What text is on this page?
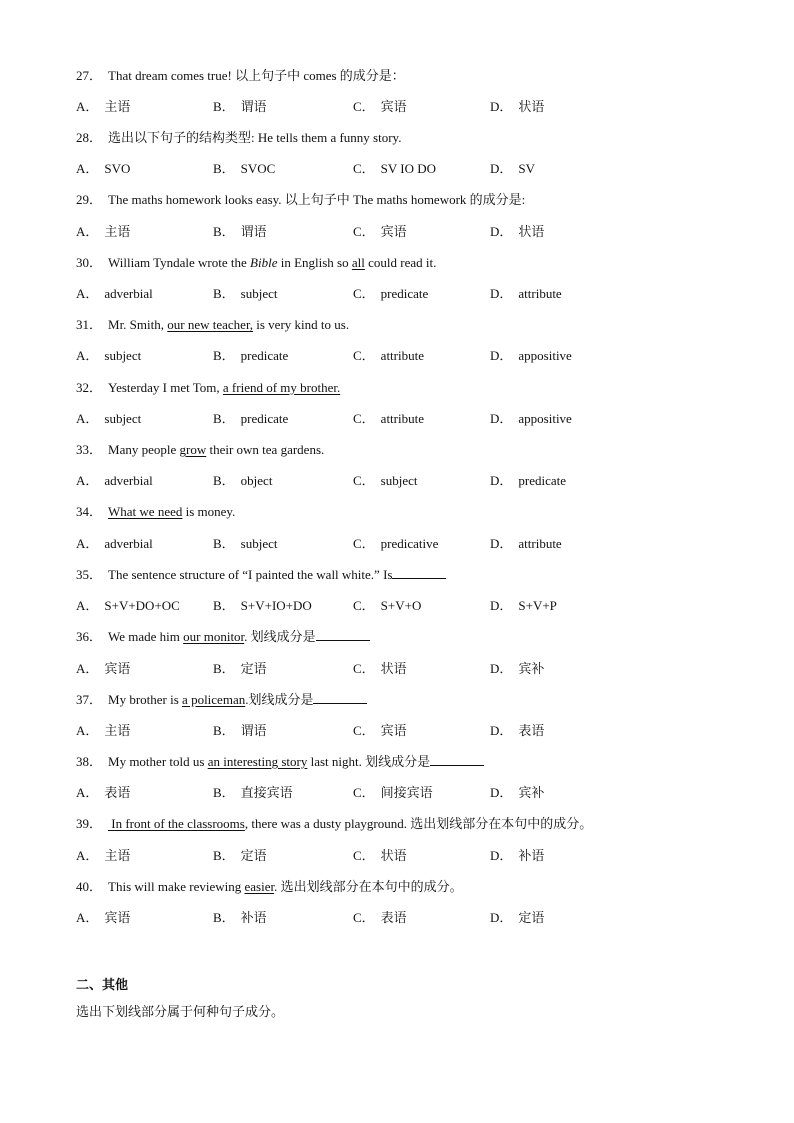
27． That dream comes true! 以上句子中 comes 的成分是：
A． 主语	B． 谓语	C． 宾语	D． 状语
28． 选出以下句子的结构类型: He tells them a funny story.
A． SVO	B． SVOC	C． SV IO DO	D． SV
29． The maths homework looks easy. 以上句子中 The maths homework 的成分是:
A． 主语	B． 谓语	C． 宾语	D． 状语
30． William Tyndale wrote the Bible in English so all could read it.
A． adverbial	B． subject	C． predicate	D． attribute
31． Mr. Smith, our new teacher, is very kind to us.
A． subject	B． predicate	C． attribute	D． appositive
32． Yesterday I met Tom, a friend of my brother.
A． subject	B． predicate	C． attribute	D． appositive
33． Many people grow their own tea gardens.
A． adverbial	B． object	C． subject	D． predicate
34． What we need is money.
A． adverbial	B． subject	C． predicative	D． attribute
35． The sentence structure of “I painted the wall white.” Is
A． S+V+DO+OC	B． S+V+IO+DO	C． S+V+O	D． S+V+P
36． We made him our monitor. 划线成分是
A． 宾语	B． 定语	C． 状语	D． 宾补
37． My brother is a policeman.划线成分是
A． 主语	B． 谓语	C． 宾语	D． 表语
38． My mother told us an interesting story last night. 划线成分是
A． 表语	B． 直接宾语	C． 间接宾语	D． 宾补
39． In front of the classrooms, there was a dusty playground. 选出划线部分在本句中的成分。
A． 主语	B． 定语	C． 状语	D． 补语
40． This will make reviewing easier. 选出划线部分在本句中的成分。
A． 宾语	B． 补语	C． 表语	D． 定语
二、其他
选出下划线部分属于何种句子成分。
